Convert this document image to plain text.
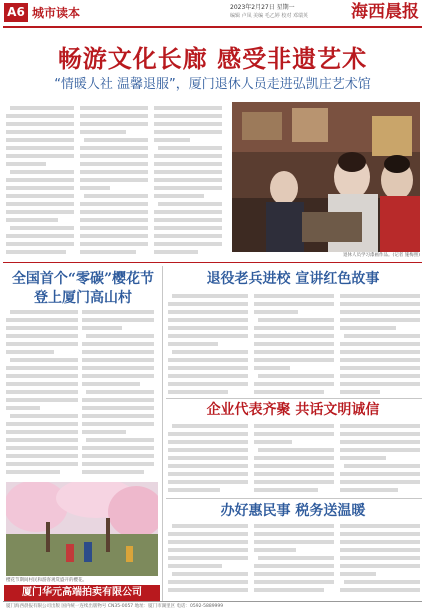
A6 城市读本	2023年2月27日 星期一
编辑 卢凤 美编 毛乙婷 校对 邓瑞英	海西晨报
畅游文化长廊 感受非遗艺术
“情暖人社 温馨退服”，厦门退休人员走进弘凯庄艺术馆
退休人员学习漆画作品。(记者 施梅照)
全国首个“零碳”樱花节
登上厦门高山村
樱花节期间村民和游客观赏盛开的樱花。
厦门华元高端拍卖有限公司
退役老兵进校 宣讲红色故事
企业代表齐聚 共话文明诚信
办好惠民事 税务送温暖
厦门海西晨报有限公司出版 国内统一连续出版物号 CN35-0057 地址：厦门市湖里区 电话：0592-5889999
